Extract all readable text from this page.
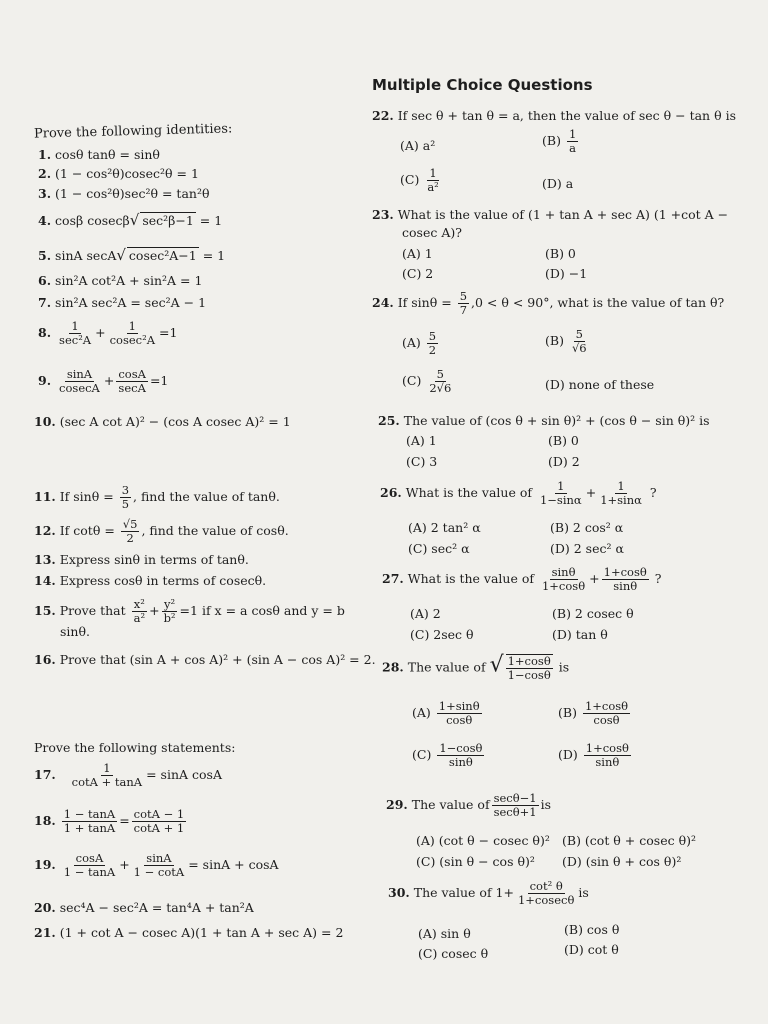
Prove the following identities:
1. cosθ tanθ = sinθ
2. (1 − cos²θ)cosec²θ = 1
3. (1 − cos²θ)sec²θ = tan²θ
4. cosβ cosecβ√ sec²β−1 = 1
5. sinA secA√ cosec²A−1 = 1
6. sin²A cot²A + sin²A = 1
7. sin²A sec²A = sec²A − 1
8. $\frac{1}{\text{sec²A}} + \frac{1}{\text{cosec²A}} =1$
9. $\frac{\sin A}{cosecA} + \frac{\cos A}{\sec A} =1$
10. (sec A cot A)² − (cos A cosec A)² = 1
11. If $\sin\theta = \frac{3}{5}$ , find the value of tanθ.
12. If $\cot\theta = \frac{√5}{2}$ , find the value of cosθ.
13. Express sinθ in terms of tanθ.
14. Express cosθ in terms of cosecθ.
15. Prove that $\frac{\text{x²}}{\text{a²}} + \frac{\text{y²}}{\text{b²}} =1$ if x = a cosθ and y = b
sinθ.
16. Prove that (sin A + cos A)² + (sin A − cos A)² = 2.
Prove the following statements:
17. $\frac{1}{\cot A + \tan A} = \sin A$ cosA
18. $\frac{1 - \tan A}{1 + \tan A} = \frac{\cot A - 1}{\cot A + 1}$
19. $\frac{\cos A}{1 - \tan A} + \frac{\sin A}{1 - \cot A} = \sin A + \cos A$
20. sec⁴A − sec²A = tan⁴A + tan²A
21. (1 + cot A − cosec A)(1 + tan A + sec A) = 2
Multiple Choice Questions
22. If sec θ + tan θ = a, then the value of sec θ − tan θ is
(A) a²	$(B) \frac{1}{a}$
$(C) \frac{1}{\text{a²}}$	(D) a
23. What is the value of (1 + tan A + sec A) (1 +cot A −
cosec A)?
(A) 1	(B) 0
(C) 2	(D) −1
24. If $\sin\theta = \frac{5}{7} ,0 < \theta < 90^\circ$, what is the value of tan θ?
$(A) \frac{5}{2}$	$(B) \frac{5}{√6}$
$(C) \frac{5}{2√6}$	(D) none of these
25. The value of (cos θ + sin θ)² + (cos θ − sin θ)² is
(A) 1	(B) 0
(C) 3	(D) 2
26. What is the value of $\frac{1}{1-\sin\alpha} + \frac{1}{1+\sin\alpha}$ ?
(A) 2 tan² α	(B) 2 cos² α
(C) sec² α	(D) 2 sec² α
27. What is the value of $\frac{\sin\theta}{1+\cos\theta} + \frac{1+\cos\theta}{\sin\theta}$ ?
(A) 2	(B) 2 cosec θ
(C) 2sec θ	(D) tan θ
28. The value of √ $\frac{1+\cos\theta}{1-\cos\theta}$ is
$(A) \frac{1+\sin\theta}{\cos\theta}$	$(B) \frac{1+\cos\theta}{\cos\theta}$
$(C) \frac{1-\cos\theta}{\sin\theta}$	$(D) \frac{1+\cos\theta}{\sin\theta}$
29. The value of $\frac{\sec\theta-1}{\sec\theta+1}$ is
(A) (cot θ − cosec θ)² (B) (cot θ + cosec θ)²
(C) (sin θ − cos θ)² (D) (sin θ + cos θ)²
30. The value of $1+ \frac{\text{cot² θ}}{1+cosec\theta}$ is
(A) sin θ	(B) cos θ
(C) cosec θ	(D) cot θ
